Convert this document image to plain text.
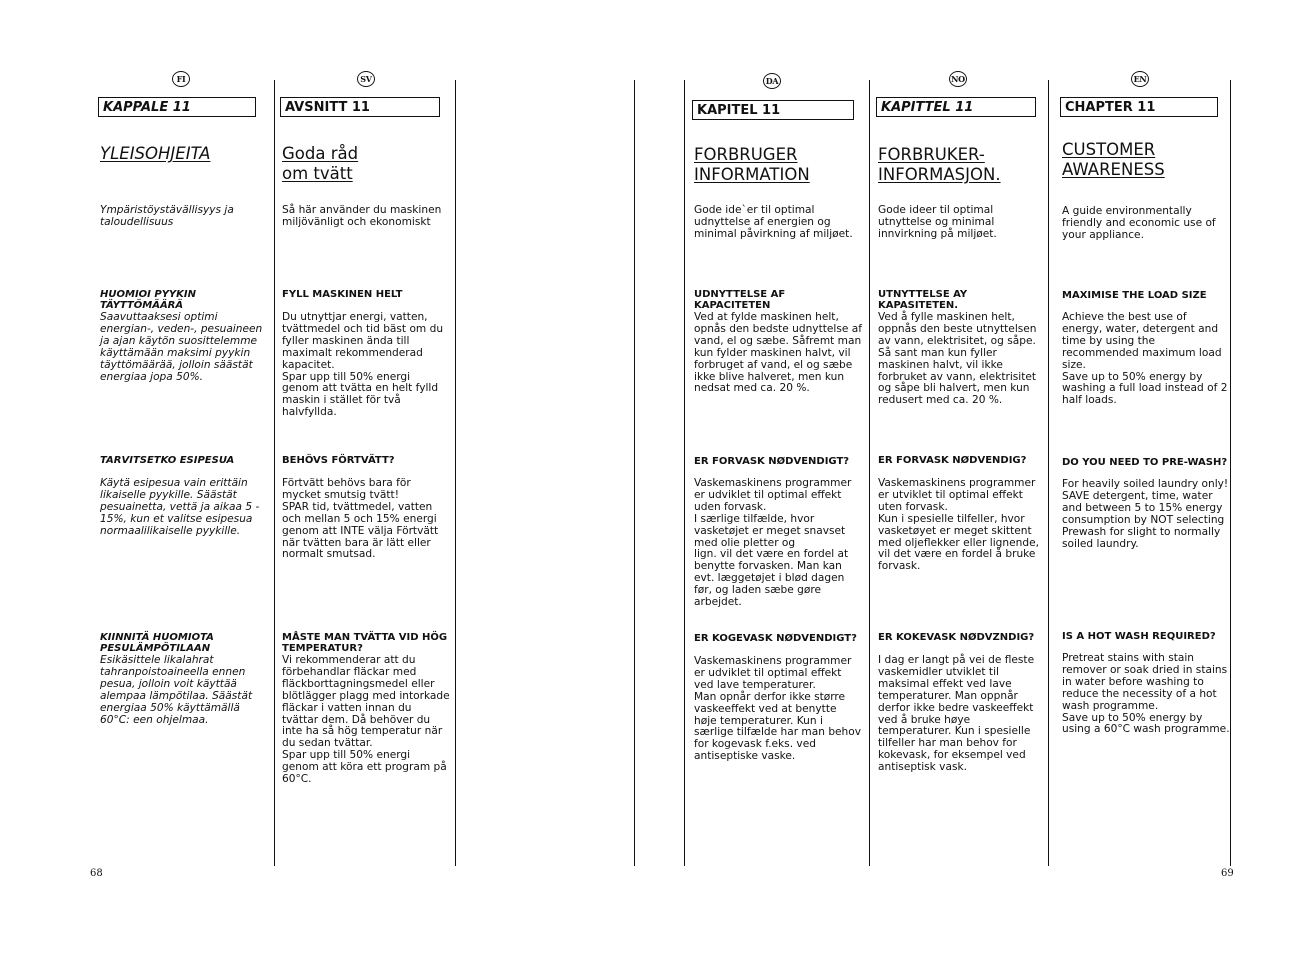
FI
KAPPALE 11
YLEISOHJEITA
Ympäristöystävällisyys ja taloudellisuus
HUOMIOI PYYKIN TÄYTTÖMÄÄRÄ
Saavuttaaksesi optimi energian-, veden-, pesuaineen ja ajan käytön suosittelemme käyttämään maksimi pyykin täyttömäärää, jolloin säästät energiaa jopa 50%.
TARVITSETKO ESIPESUA
Käytä esipesua vain erittäin likaiselle pyykille. Säästät pesuainetta, vettä ja aikaa 5 - 15%, kun et valitse esipesua normaalilikaiselle pyykille.
KIINNITÄ HUOMIOTA PESULÄMPÖTILAAN
Esikäsittele likalahrat tahranpoistoaineella ennen pesua, jolloin voit käyttää alempaa lämpötilaa. Säästät energiaa 50% käyttämällä 60°C: een ohjelmaa.
SV
AVSNITT 11
Goda råd
om tvätt
Så här använder du maskinen miljövänligt och ekonomiskt
FYLL MASKINEN HELT
Du utnyttjar energi, vatten, tvättmedel och tid bäst om du fyller maskinen ända till maximalt rekommenderad kapacitet.
Spar upp till 50% energi genom att tvätta en helt fylld maskin i stället för två halvfyllda.
BEHÖVS FÖRTVÄTT?
Förtvätt behövs bara för mycket smutsig tvätt!
SPAR tid, tvättmedel, vatten och mellan 5 och 15% energi genom att INTE välja Förtvätt när tvätten bara är lätt eller normalt smutsad.
MÅSTE MAN TVÄTTA VID HÖG TEMPERATUR?
Vi rekommenderar att du förbehandlar fläckar med fläckborttagningsmedel eller blötlägger plagg med intorkade fläckar i vatten innan du tvättar dem. Då behöver du inte ha så hög temperatur när du sedan tvättar.
Spar upp till 50% energi genom att köra ett program på 60°C.
DA
KAPITEL 11
FORBRUGER
INFORMATION
Gode ide`er til optimal udnyttelse af energien og minimal påvirkning af miljøet.
UDNYTTELSE AF KAPACITETEN
Ved at fylde maskinen helt, opnås den bedste udnyttelse af vand, el og sæbe. Såfremt man kun fylder maskinen halvt, vil forbruget af vand, el og sæbe ikke blive halveret, men kun nedsat med ca. 20 %.
ER FORVASK NØDVENDIGT?
Vaskemaskinens programmer er udviklet til optimal effekt uden forvask.
I særlige tilfælde, hvor vasketøjet er meget snavset med olie pletter og
lign. vil det være en fordel at benytte forvasken. Man kan evt. læggetøjet i blød dagen før, og laden sæbe gøre arbejdet.
ER KOGEVASK NØDVENDIGT?
Vaskemaskinens programmer er udviklet til optimal effekt ved lave temperaturer.
Man opnår derfor ikke større vaskeeffekt ved at benytte høje temperaturer. Kun i særlige tilfælde har man behov for kogevask f.eks. ved antiseptiske vaske.
NO
KAPITTEL 11
FORBRUKER-
INFORMASJON.
Gode ideer til optimal utnyttelse og minimal innvirkning på miljøet.
UTNYTTELSE AY KAPASITETEN.
Ved å fylle maskinen helt, oppnås den beste utnyttelsen av vann, elektrisitet, og såpe. Så sant man kun fyller maskinen halvt, vil ikke forbruket av vann, elektrisitet og såpe bli halvert, men kun redusert med ca. 20 %.
ER FORVASK NØDVENDIG?
Vaskemaskinens programmer er utviklet til optimal effekt uten forvask.
Kun i spesielle tilfeller, hvor vasketøyet er meget skittent med oljeflekker eller lignende, vil det være en fordel å bruke forvask.
ER KOKEVASK NØDVZNDIG?
I dag er langt på vei de fleste vaskemidler utviklet til maksimal effekt ved lave temperaturer. Man oppnår derfor ikke bedre vaskeeffekt ved å bruke høye temperaturer. Kun i spesielle tilfeller har man behov for kokevask, for eksempel ved antiseptisk vask.
EN
CHAPTER 11
CUSTOMER
AWARENESS
A guide environmentally friendly and economic use of your appliance.
MAXIMISE THE LOAD SIZE
Achieve the best use of energy, water, detergent and time by using the recommended maximum load size.
Save up to 50% energy by washing a full load instead of 2 half loads.
DO YOU NEED TO PRE-WASH?
For heavily soiled laundry only!
SAVE detergent, time, water and between 5 to 15% energy consumption by NOT selecting Prewash for slight to normally soiled laundry.
IS A HOT WASH REQUIRED?
Pretreat stains with stain remover or soak dried in stains in water before washing to reduce the necessity of a hot wash programme.
Save up to 50% energy by using a 60°C wash programme.
68	69
